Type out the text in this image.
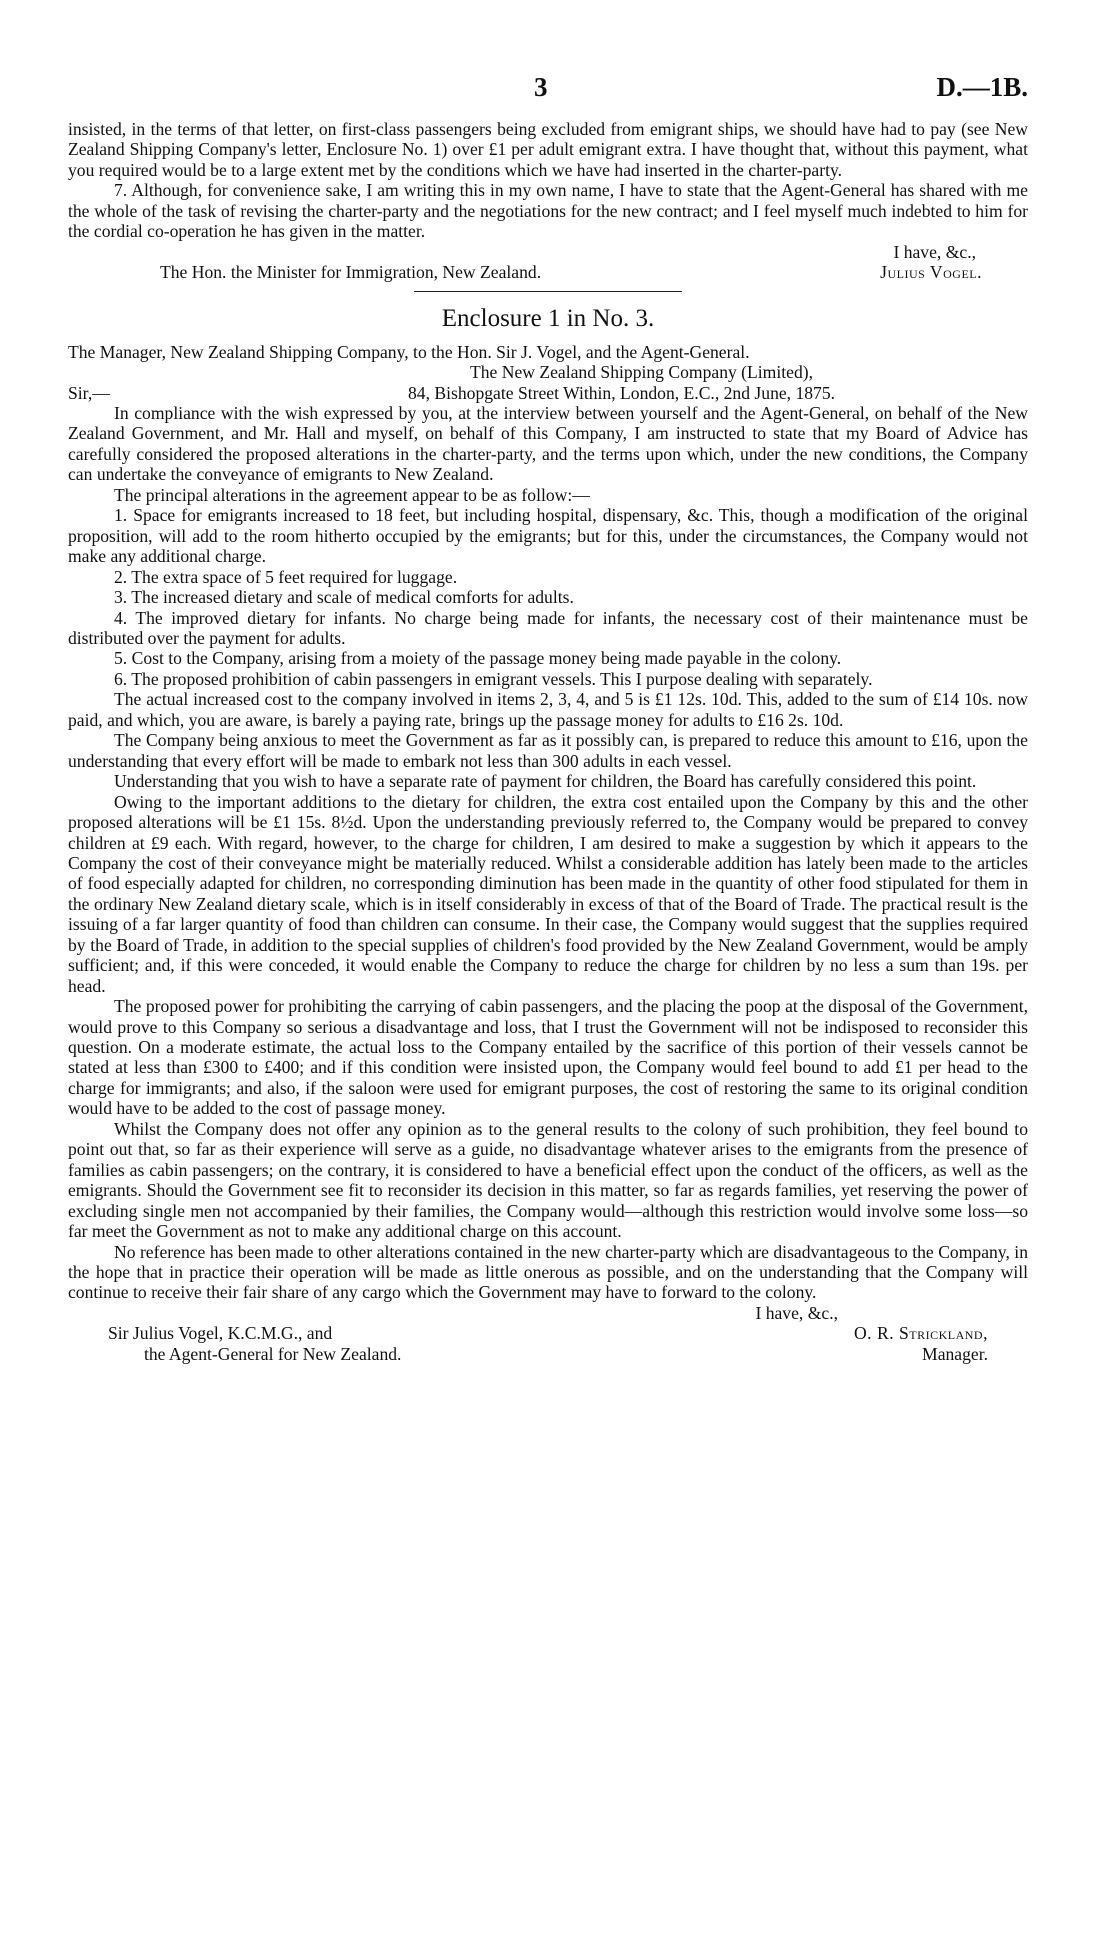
3	D.—1B.

insisted, in the terms of that letter, on first-class passengers being excluded from emigrant ships, we should have had to pay (see New Zealand Shipping Company's letter, Enclosure No. 1) over £1 per adult emigrant extra. I have thought that, without this payment, what you required would be to a large extent met by the conditions which we have had inserted in the charter-party.

7. Although, for convenience sake, I am writing this in my own name, I have to state that the Agent-General has shared with me the whole of the task of revising the charter-party and the negotiations for the new contract; and I feel myself much indebted to him for the cordial co-operation he has given in the matter.

I have, &c.,

The Hon. the Minister for Immigration, New Zealand.	Julius Vogel.
Enclosure 1 in No. 3.

The Manager, New Zealand Shipping Company, to the Hon. Sir J. Vogel, and the Agent-General.

The New Zealand Shipping Company (Limited),

Sir,—	84, Bishopgate Street Within, London, E.C., 2nd June, 1875.

In compliance with the wish expressed by you, at the interview between yourself and the Agent-General, on behalf of the New Zealand Government, and Mr. Hall and myself, on behalf of this Company, I am instructed to state that my Board of Advice has carefully considered the proposed alterations in the charter-party, and the terms upon which, under the new conditions, the Company can undertake the conveyance of emigrants to New Zealand.

The principal alterations in the agreement appear to be as follow:—

1. Space for emigrants increased to 18 feet, but including hospital, dispensary, &c. This, though a modification of the original proposition, will add to the room hitherto occupied by the emigrants; but for this, under the circumstances, the Company would not make any additional charge.

2. The extra space of 5 feet required for luggage.

3. The increased dietary and scale of medical comforts for adults.

4. The improved dietary for infants. No charge being made for infants, the necessary cost of their maintenance must be distributed over the payment for adults.

5. Cost to the Company, arising from a moiety of the passage money being made payable in the colony.

6. The proposed prohibition of cabin passengers in emigrant vessels. This I purpose dealing with separately.

The actual increased cost to the company involved in items 2, 3, 4, and 5 is £1 12s. 10d. This, added to the sum of £14 10s. now paid, and which, you are aware, is barely a paying rate, brings up the passage money for adults to £16 2s. 10d.

The Company being anxious to meet the Government as far as it possibly can, is prepared to reduce this amount to £16, upon the understanding that every effort will be made to embark not less than 300 adults in each vessel.

Understanding that you wish to have a separate rate of payment for children, the Board has carefully considered this point.

Owing to the important additions to the dietary for children, the extra cost entailed upon the Company by this and the other proposed alterations will be £1 15s. 8½d. Upon the understanding previously referred to, the Company would be prepared to convey children at £9 each. With regard, however, to the charge for children, I am desired to make a suggestion by which it appears to the Company the cost of their conveyance might be materially reduced. Whilst a considerable addition has lately been made to the articles of food especially adapted for children, no corresponding diminution has been made in the quantity of other food stipulated for them in the ordinary New Zealand dietary scale, which is in itself considerably in excess of that of the Board of Trade. The practical result is the issuing of a far larger quantity of food than children can consume. In their case, the Company would suggest that the supplies required by the Board of Trade, in addition to the special supplies of children's food provided by the New Zealand Government, would be amply sufficient; and, if this were conceded, it would enable the Company to reduce the charge for children by no less a sum than 19s. per head.

The proposed power for prohibiting the carrying of cabin passengers, and the placing the poop at the disposal of the Government, would prove to this Company so serious a disadvantage and loss, that I trust the Government will not be indisposed to reconsider this question. On a moderate estimate, the actual loss to the Company entailed by the sacrifice of this portion of their vessels cannot be stated at less than £300 to £400; and if this condition were insisted upon, the Company would feel bound to add £1 per head to the charge for immigrants; and also, if the saloon were used for emigrant purposes, the cost of restoring the same to its original condition would have to be added to the cost of passage money.

Whilst the Company does not offer any opinion as to the general results to the colony of such prohibition, they feel bound to point out that, so far as their experience will serve as a guide, no disadvantage whatever arises to the emigrants from the presence of families as cabin passengers; on the contrary, it is considered to have a beneficial effect upon the conduct of the officers, as well as the emigrants. Should the Government see fit to reconsider its decision in this matter, so far as regards families, yet reserving the power of excluding single men not accompanied by their families, the Company would—although this restriction would involve some loss—so far meet the Government as not to make any additional charge on this account.

No reference has been made to other alterations contained in the new charter-party which are disadvantageous to the Company, in the hope that in practice their operation will be made as little onerous as possible, and on the understanding that the Company will continue to receive their fair share of any cargo which the Government may have to forward to the colony.

I have, &c.,

Sir Julius Vogel, K.C.M.G., and
the Agent-General for New Zealand.
O. R. Strickland,
Manager.
